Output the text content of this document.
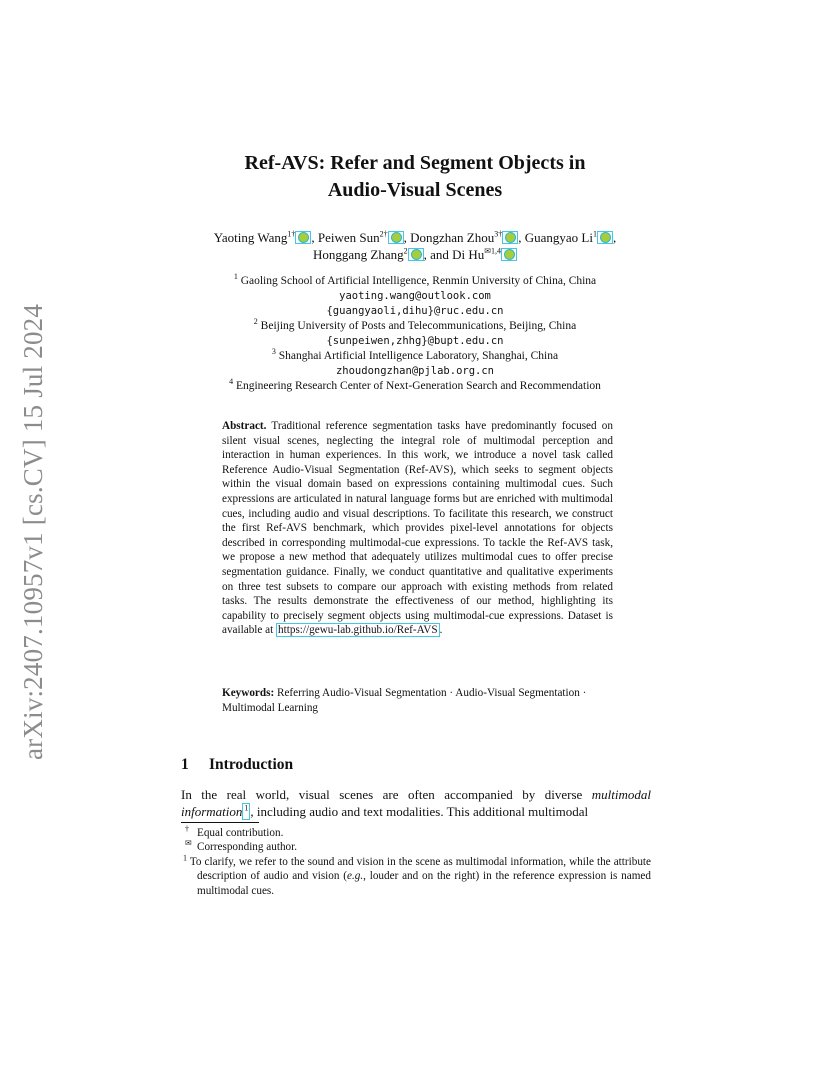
arXiv:2407.10957v1 [cs.CV] 15 Jul 2024
Ref-AVS: Refer and Segment Objects in
Audio-Visual Scenes
Yaoting Wang$^{1\dagger}$ , Peiwen Sun$^{2\dagger}$ , Dongzhan Zhou$^{3\dagger}$ , Guangyao Li$^1$ ,
Honggang Zhang$^2$ , and Di $Hu^{✉1,4}$
$^1$ Gaoling School of Artificial Intelligence, Renmin University of China, China
yaoting.wang@outlook.com
{guangyaoli,dihu}@ruc.edu.cn
$^2$ Beijing University of Posts and Telecommunications, Beijing, China
{sunpeiwen,zhhg}@bupt.edu.cn
$^3$ Shanghai Artificial Intelligence Laboratory, Shanghai, China
zhoudongzhan@pjlab.org.cn
$^4$ Engineering Research Center of Next-Generation Search and Recommendation
Abstract. Traditional reference segmentation tasks have predominantly focused on silent visual scenes, neglecting the integral role of multimodal perception and interaction in human experiences. In this work, we introduce a novel task called Reference Audio-Visual Segmentation (Ref-AVS), which seeks to segment objects within the visual domain based on expressions containing multimodal cues. Such expressions are articulated in natural language forms but are enriched with multimodal cues, including audio and visual descriptions. To facilitate this research, we construct the first Ref-AVS benchmark, which provides pixel-level annotations for objects described in corresponding multimodal-cue expressions. To tackle the Ref-AVS task, we propose a new method that adequately utilizes multimodal cues to offer precise segmentation guidance. Finally, we conduct quantitative and qualitative experiments on three test subsets to compare our approach with existing methods from related tasks. The results demonstrate the effectiveness of our method, highlighting its capability to precisely segment objects using multimodal-cue expressions. Dataset is available at https://gewu-lab.github.io/Ref-AVS .
Keywords: Referring Audio-Visual Segmentation · Audio-Visual Segmentation · Multimodal Learning
1 Introduction
In the real world, visual scenes are often accompanied by diverse multimodal information $^1$ , including audio and text modalities. This additional multimodal

† Equal contribution.

✉ Corresponding author.

$^1$ To clarify, we refer to the sound and vision in the scene as multimodal information, while the attribute description of audio and vision (e.g., louder and on the right) in the reference expression is named multimodal cues.
